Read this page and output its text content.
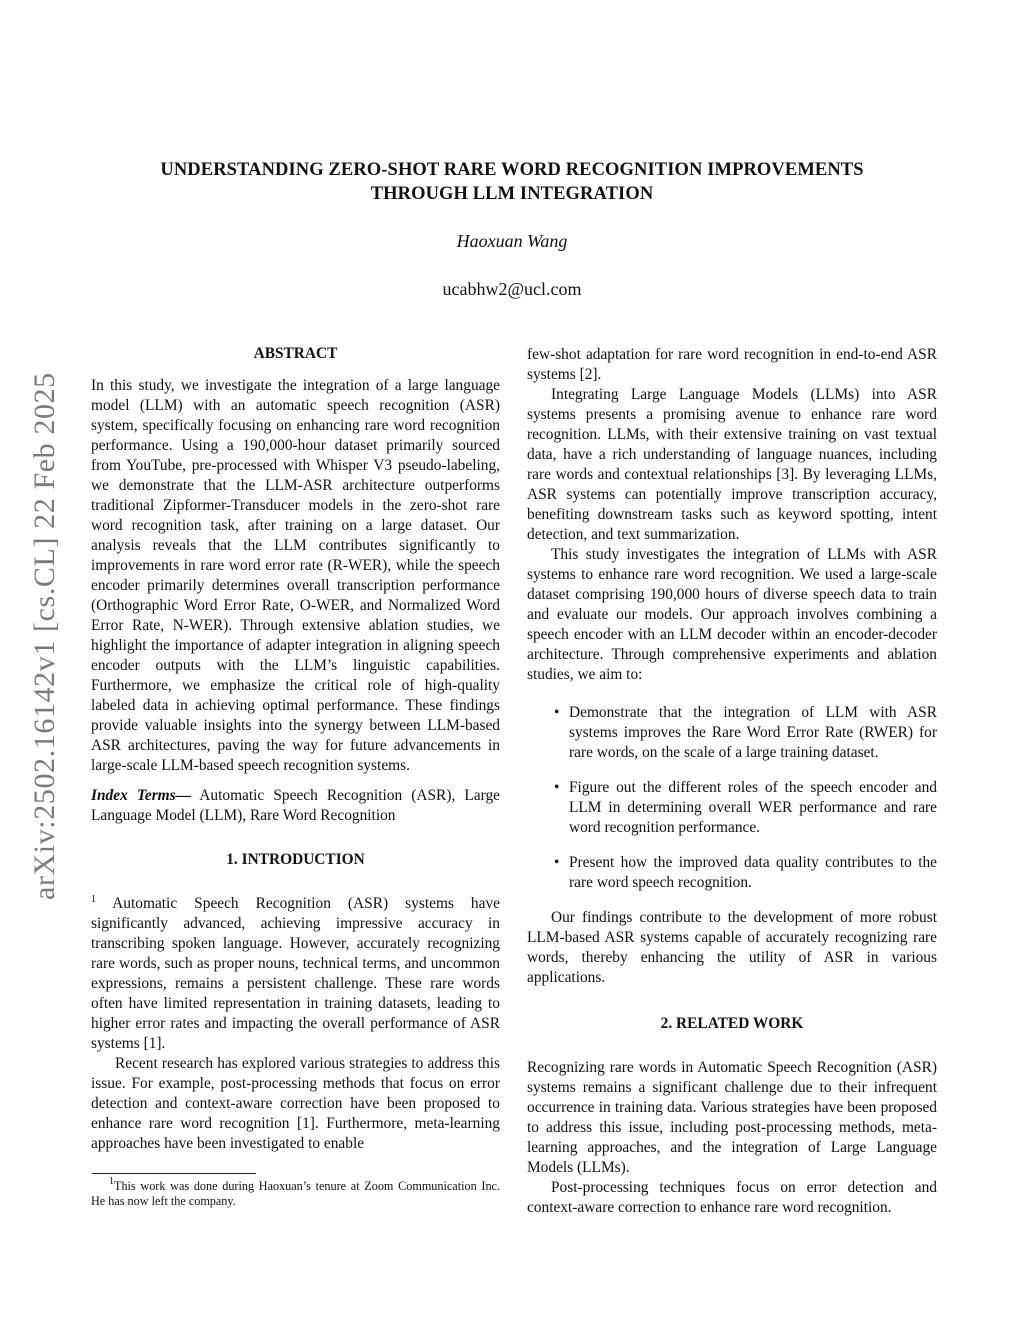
arXiv:2502.16142v1 [cs.CL] 22 Feb 2025
UNDERSTANDING ZERO-SHOT RARE WORD RECOGNITION IMPROVEMENTS
THROUGH LLM INTEGRATION
Haoxuan Wang
ucabhw2@ucl.com
ABSTRACT

In this study, we investigate the integration of a large language model (LLM) with an automatic speech recognition (ASR) system, specifically focusing on enhancing rare word recognition performance. Using a 190,000-hour dataset primarily sourced from YouTube, pre-processed with Whisper V3 pseudo-labeling, we demonstrate that the LLM-ASR architecture outperforms traditional Zipformer-Transducer models in the zero-shot rare word recognition task, after training on a large dataset. Our analysis reveals that the LLM contributes significantly to improvements in rare word error rate (R-WER), while the speech encoder primarily determines overall transcription performance (Orthographic Word Error Rate, O-WER, and Normalized Word Error Rate, N-WER). Through extensive ablation studies, we highlight the importance of adapter integration in aligning speech encoder outputs with the LLM’s linguistic capabilities. Furthermore, we emphasize the critical role of high-quality labeled data in achieving optimal performance. These findings provide valuable insights into the synergy between LLM-based ASR architectures, paving the way for future advancements in large-scale LLM-based speech recognition systems.

Index Terms— Automatic Speech Recognition (ASR), Large Language Model (LLM), Rare Word Recognition

1. INTRODUCTION

$^1$ Automatic Speech Recognition (ASR) systems have significantly advanced, achieving impressive accuracy in transcribing spoken language. However, accurately recognizing rare words, such as proper nouns, technical terms, and uncommon expressions, remains a persistent challenge. These rare words often have limited representation in training datasets, leading to higher error rates and impacting the overall performance of ASR systems [1].

Recent research has explored various strategies to address this issue. For example, post-processing methods that focus on error detection and context-aware correction have been proposed to enhance rare word recognition [1]. Furthermore, meta-learning approaches have been investigated to enable

$^1$This work was done during Haoxuan’s tenure at Zoom Communication Inc. He has now left the company.

few-shot adaptation for rare word recognition in end-to-end ASR systems [2].

Integrating Large Language Models (LLMs) into ASR systems presents a promising avenue to enhance rare word recognition. LLMs, with their extensive training on vast textual data, have a rich understanding of language nuances, including rare words and contextual relationships [3]. By leveraging LLMs, ASR systems can potentially improve transcription accuracy, benefiting downstream tasks such as keyword spotting, intent detection, and text summarization.

This study investigates the integration of LLMs with ASR systems to enhance rare word recognition. We used a large-scale dataset comprising 190,000 hours of diverse speech data to train and evaluate our models. Our approach involves combining a speech encoder with an LLM decoder within an encoder-decoder architecture. Through comprehensive experiments and ablation studies, we aim to:

• Demonstrate that the integration of LLM with ASR systems improves the Rare Word Error Rate (RWER) for rare words, on the scale of a large training dataset.
• Figure out the different roles of the speech encoder and LLM in determining overall WER performance and rare word recognition performance.
• Present how the improved data quality contributes to the rare word speech recognition.

Our findings contribute to the development of more robust LLM-based ASR systems capable of accurately recognizing rare words, thereby enhancing the utility of ASR in various applications.

2. RELATED WORK

Recognizing rare words in Automatic Speech Recognition (ASR) systems remains a significant challenge due to their infrequent occurrence in training data. Various strategies have been proposed to address this issue, including post-processing methods, meta-learning approaches, and the integration of Large Language Models (LLMs).

Post-processing techniques focus on error detection and context-aware correction to enhance rare word recognition.
